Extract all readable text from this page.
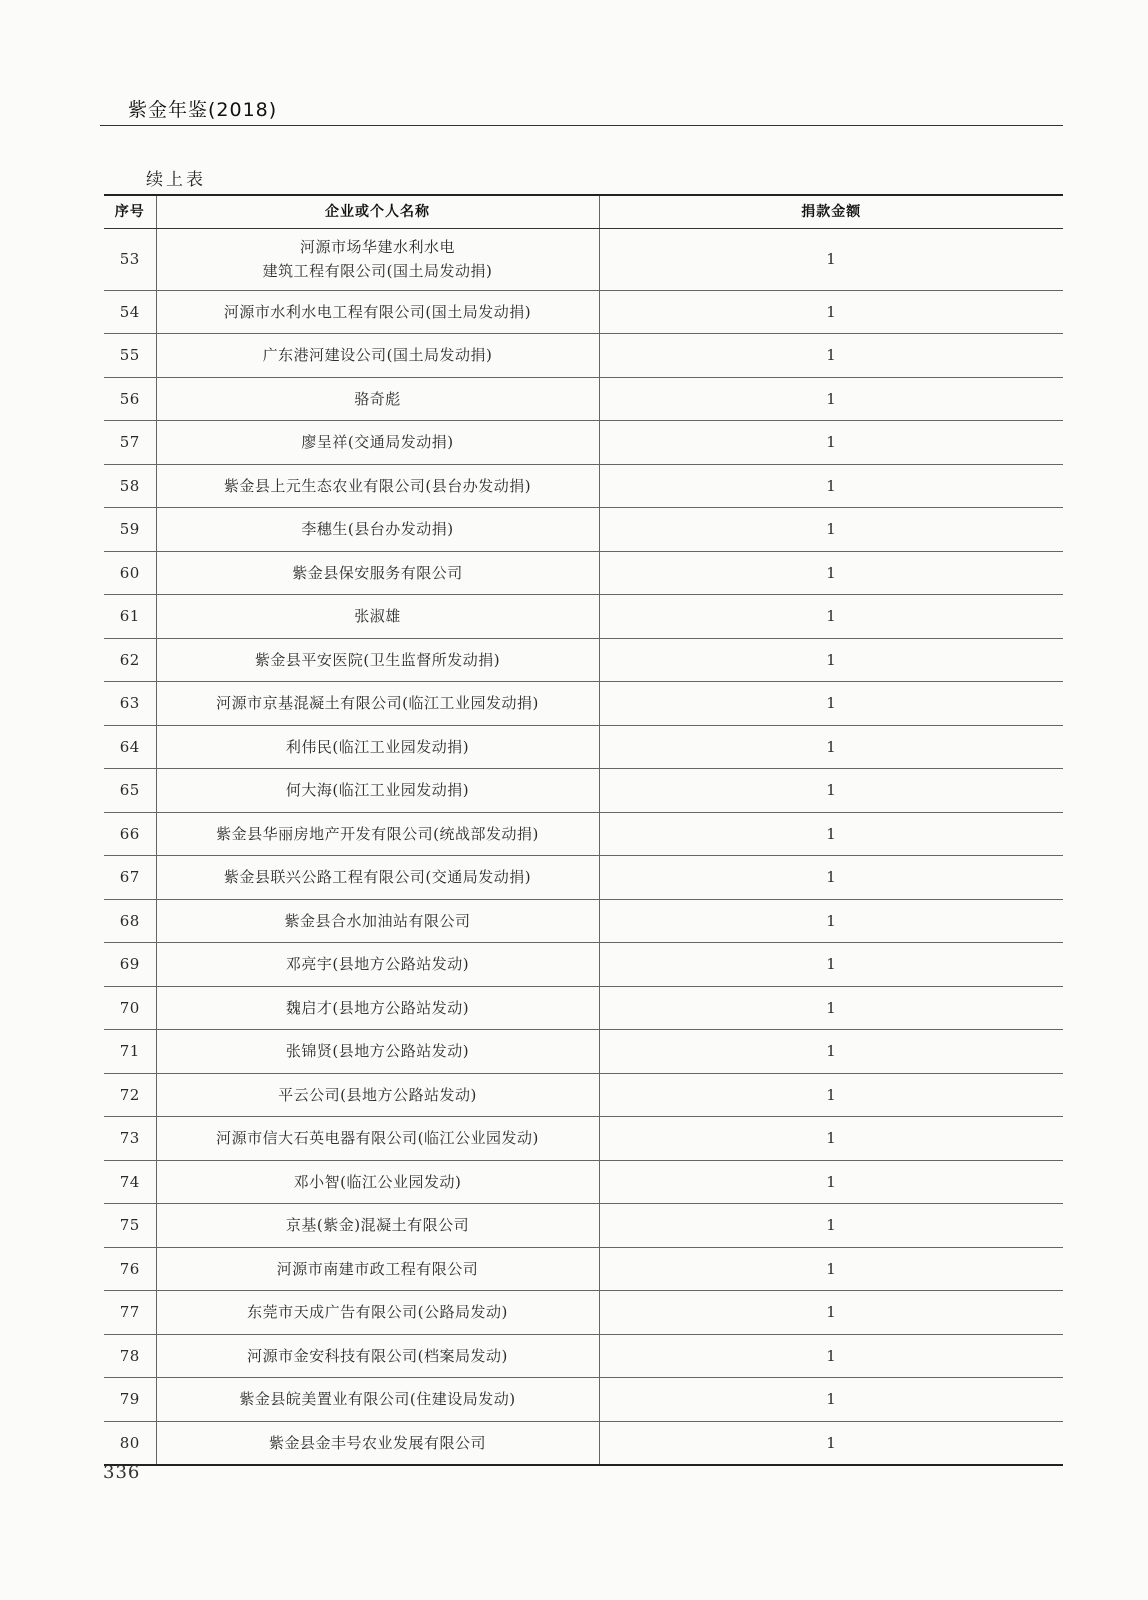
紫金年鉴(2018)
续上表
序号	企业或个人名称	捐款金额
53	河源市场华建水利水电
建筑工程有限公司(国土局发动捐)	1
54	河源市水利水电工程有限公司(国土局发动捐)	1
55	广东港河建设公司(国土局发动捐)	1
56	骆奇彪	1
57	廖呈祥(交通局发动捐)	1
58	紫金县上元生态农业有限公司(县台办发动捐)	1
59	李穗生(县台办发动捐)	1
60	紫金县保安服务有限公司	1
61	张淑雄	1
62	紫金县平安医院(卫生监督所发动捐)	1
63	河源市京基混凝土有限公司(临江工业园发动捐)	1
64	利伟民(临江工业园发动捐)	1
65	何大海(临江工业园发动捐)	1
66	紫金县华丽房地产开发有限公司(统战部发动捐)	1
67	紫金县联兴公路工程有限公司(交通局发动捐)	1
68	紫金县合水加油站有限公司	1
69	邓亮宇(县地方公路站发动)	1
70	魏启才(县地方公路站发动)	1
71	张锦贤(县地方公路站发动)	1
72	平云公司(县地方公路站发动)	1
73	河源市信大石英电器有限公司(临江公业园发动)	1
74	邓小智(临江公业园发动)	1
75	京基(紫金)混凝土有限公司	1
76	河源市南建市政工程有限公司	1
77	东莞市天成广告有限公司(公路局发动)	1
78	河源市金安科技有限公司(档案局发动)	1
79	紫金县皖美置业有限公司(住建设局发动)	1
80	紫金县金丰号农业发展有限公司	1
336
